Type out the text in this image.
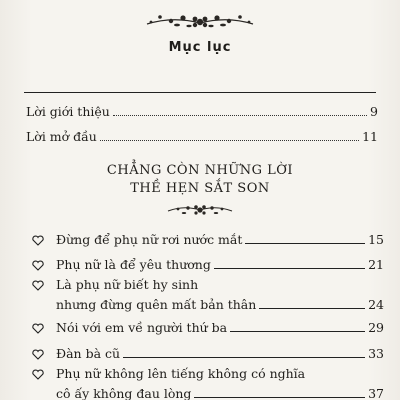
Mục lục
Lời giới thiệu	9
Lời mở đầu	11
CHẲNG CÒN NHỮNG LỜI
THỀ HẸN SẮT SON
Đừng để phụ nữ rơi nước mắt	15
Phụ nữ là để yêu thương	21
Là phụ nữ biết hy sinh
nhưng đừng quên mất bản thân	24
Nói với em về người thứ ba	29
Đàn bà cũ	33
Phụ nữ không lên tiếng không có nghĩa
cô ấy không đau lòng	37
